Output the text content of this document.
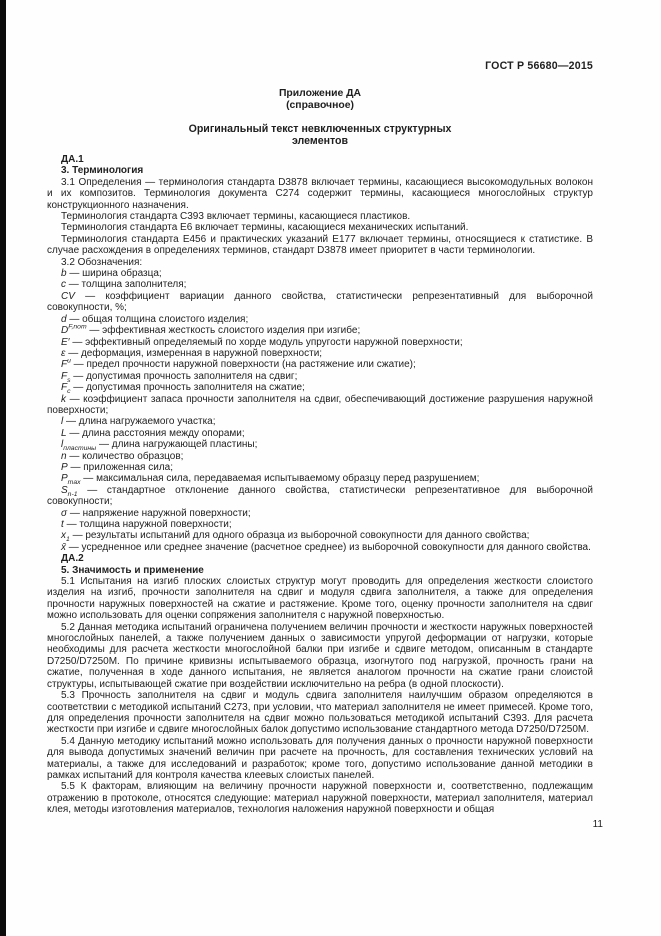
ГОСТ Р 56680—2015
Приложение ДА
(справочное)
Оригинальный текст невключенных структурных
элементов

ДА.1

3. Терминология

3.1 Определения — терминология стандарта D3878 включает термины, касающиеся высокомодульных волокон и их композитов. Терминология документа C274 содержит термины, касающиеся многослойных структур конструкционного назначения.

Терминология стандарта C393 включает термины, касающиеся пластиков.

Терминология стандарта E6 включает термины, касающиеся механических испытаний.

Терминология стандарта E456 и практических указаний E177 включает термины, относящиеся к статистике. В случае расхождения в определениях терминов, стандарт D3878 имеет приоритет в части терминологии.

3.2 Обозначения:

b — ширина образца;

c — толщина заполнителя;

CV — коэффициент вариации данного свойства, статистически репрезентативный для выборочной совокупности, %;

d — общая толщина слоистого изделия;

$D^{F,nom}$ — эффективная жесткость слоистого изделия при изгибе;

E′ — эффективный определяемый по хорде модуль упругости наружной поверхности;

ε — деформация, измеренная в наружной поверхности;

$F^u$ — предел прочности наружной поверхности (на растяжение или сжатие);

$F_s$ — допустимая прочность заполнителя на сдвиг;

$F_c$ — допустимая прочность заполнителя на сжатие;

k — коэффициент запаса прочности заполнителя на сдвиг, обеспечивающий достижение разрушения наружной поверхности;

l — длина нагружаемого участка;

L — длина расстояния между опорами;

$l_{пластины}$ — длина нагружающей пластины;

n — количество образцов;

P — приложенная сила;

$P_{max}$ — максимальная сила, передаваемая испытываемому образцу перед разрушением;

$S_{n-1}$ — стандартное отклонение данного свойства, статистически репрезентативное для выборочной совокупности;

σ — напряжение наружной поверхности;

t — толщина наружной поверхности;

$x_1$ — результаты испытаний для одного образца из выборочной совокупности для данного свойства;

x̄ — усредненное или среднее значение (расчетное среднее) из выборочной совокупности для данного свойства.

ДА.2

5. Значимость и применение

5.1 Испытания на изгиб плоских слоистых структур могут проводить для определения жесткости слоистого изделия на изгиб, прочности заполнителя на сдвиг и модуля сдвига заполнителя, а также для определения прочности наружных поверхностей на сжатие и растяжение. Кроме того, оценку прочности заполнителя на сдвиг можно использовать для оценки сопряжения заполнителя с наружной поверхностью.

5.2 Данная методика испытаний ограничена получением величин прочности и жесткости наружных поверхностей многослойных панелей, а также получением данных о зависимости упругой деформации от нагрузки, которые необходимы для расчета жесткости многослойной балки при изгибе и сдвиге методом, описанным в стандарте D7250/D7250M. По причине кривизны испытываемого образца, изогнутого под нагрузкой, прочность грани на сжатие, полученная в ходе данного испытания, не является аналогом прочности на сжатие грани слоистой структуры, испытывающей сжатие при воздействии исключительно на ребра (в одной плоскости).

5.3 Прочность заполнителя на сдвиг и модуль сдвига заполнителя наилучшим образом определяются в соответствии с методикой испытаний C273, при условии, что материал заполнителя не имеет примесей. Кроме того, для определения прочности заполнителя на сдвиг можно пользоваться методикой испытаний C393. Для расчета жесткости при изгибе и сдвиге многослойных балок допустимо использование стандартного метода D7250/D7250M.

5.4 Данную методику испытаний можно использовать для получения данных о прочности наружной поверхности для вывода допустимых значений величин при расчете на прочность, для составления технических условий на материалы, а также для исследований и разработок; кроме того, допустимо использование данной методики в рамках испытаний для контроля качества клеевых слоистых панелей.

5.5 К факторам, влияющим на величину прочности наружной поверхности и, соответственно, подлежащим отражению в протоколе, относятся следующие: материал наружной поверхности, материал заполнителя, материал клея, методы изготовления материалов, технология наложения наружной поверхности и общая

11
